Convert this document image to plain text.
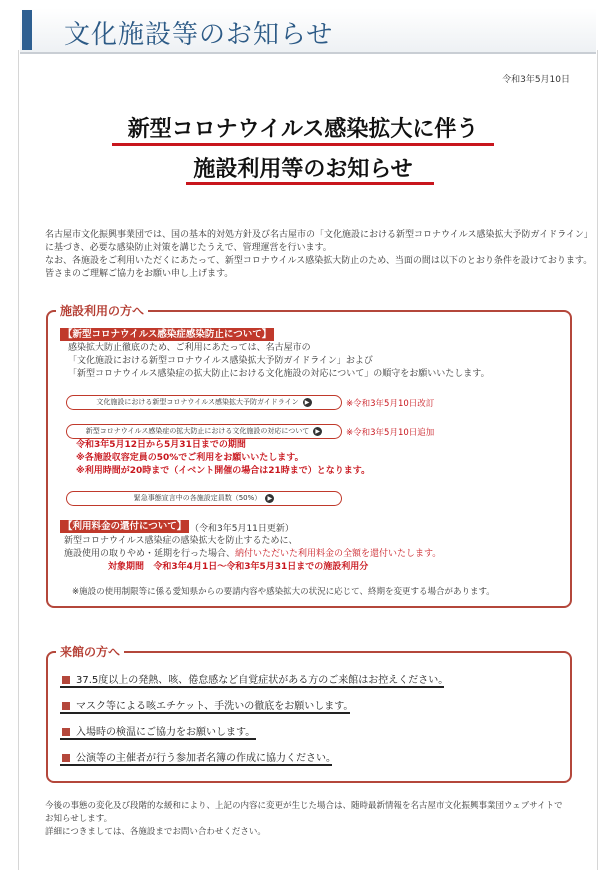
文化施設等のお知らせ
令和3年5月10日
新型コロナウイルス感染拡大に伴う
施設利用等のお知らせ
名古屋市文化振興事業団では、国の基本的対処方針及び名古屋市の「文化施設における新型コロナウイルス感染拡大予防ガイドライン」
に基づき、必要な感染防止対策を講じたうえで、管理運営を行います。
なお、各施設をご利用いただくにあたって、新型コロナウイルス感染拡大防止のため、当面の間は以下のとおり条件を設けております。
皆さまのご理解ご協力をお願い申し上げます。
施設利用の方へ
【新型コロナウイルス感染症感染防止について】
感染拡大防止徹底のため、ご利用にあたっては、名古屋市の
「文化施設における新型コロナウイルス感染拡大予防ガイドライン」および
「新型コロナウイルス感染症の拡大防止における文化施設の対応について」の順守をお願いいたします。
文化施設における新型コロナウイルス感染拡大予防ガイドライン ▶	※令和3年5月10日改訂
新型コロナウイルス感染症の拡大防止における文化施設の対応について ▶	※令和3年5月10日追加
令和3年5月12日から5月31日までの期間
※各施設収容定員の50%でご利用をお願いいたします。
※利用時間が20時まで（イベント開催の場合は21時まで）となります。
緊急事態宣言中の各施設定員数（50%） ▶
【利用料金の還付について】 （令和3年5月11日更新）
新型コロナウイルス感染症の感染拡大を防止するために、
施設使用の取りやめ・延期を行った場合、納付いただいた利用料金の全額を還付いたします。
対象期間 令和3年4月1日～令和3年5月31日までの施設利用分
※施設の使用制限等に係る愛知県からの要請内容や感染拡大の状況に応じて、終期を変更する場合があります。
来館の方へ
37.5度以上の発熱、咳、倦怠感など自覚症状がある方のご来館はお控えください。
マスク等による咳エチケット、手洗いの徹底をお願いします。
入場時の検温にご協力をお願いします。
公演等の主催者が行う参加者名簿の作成に協力ください。
今後の事態の変化及び段階的な緩和により、上記の内容に変更が生じた場合は、随時最新情報を名古屋市文化振興事業団ウェブサイトで
お知らせします。
詳細につきましては、各施設までお問い合わせください。
